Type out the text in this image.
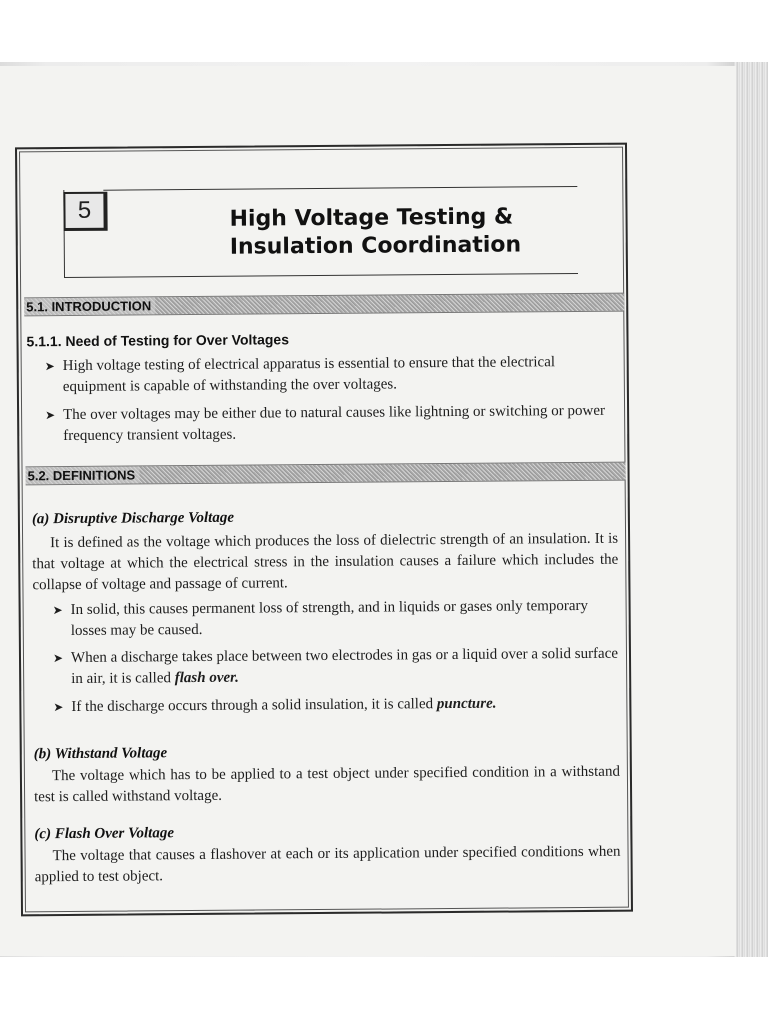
5	High Voltage Testing &
Insulation Coordination
5.1. INTRODUCTION
5.1.1. Need of Testing for Over Voltages
➤ High voltage testing of electrical apparatus is essential to ensure that the electrical equipment is capable of withstanding the over voltages.
➤ The over voltages may be either due to natural causes like lightning or switching or power frequency transient voltages.
5.2. DEFINITIONS
(a) Disruptive Discharge Voltage
It is defined as the voltage which produces the loss of dielectric strength of an insulation. It is that voltage at which the electrical stress in the insulation causes a failure which includes the collapse of voltage and passage of current.
➤ In solid, this causes permanent loss of strength, and in liquids or gases only temporary losses may be caused.
➤ When a discharge takes place between two electrodes in gas or a liquid over a solid surface in air, it is called flash over.
➤ If the discharge occurs through a solid insulation, it is called puncture.
(b) Withstand Voltage
The voltage which has to be applied to a test object under specified condition in a withstand test is called withstand voltage.
(c) Flash Over Voltage
The voltage that causes a flashover at each or its application under specified conditions when applied to test object.
